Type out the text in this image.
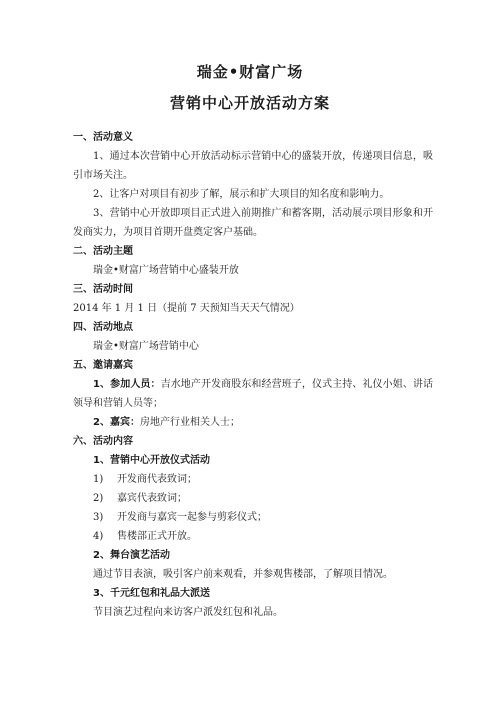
瑞金•财富广场
营销中心开放活动方案
一、活动意义
1、通过本次营销中心开放活动标示营销中心的盛装开放，传递项目信息，吸引市场关注。
2、让客户对项目有初步了解，展示和扩大项目的知名度和影响力。
3、营销中心开放即项目正式进入前期推广和蓄客期，活动展示项目形象和开发商实力，为项目首期开盘奠定客户基础。
二、活动主题
瑞金•财富广场营销中心盛装开放
三、活动时间
2014 年 1 月 1 日（提前 7 天预知当天天气情况）
四、活动地点
瑞金•财富广场营销中心
五、邀请嘉宾
1、参加人员：吉水地产开发商股东和经营班子，仪式主持、礼仪小姐、讲话领导和营销人员等；
2、嘉宾：房地产行业相关人士；
六、活动内容
1、营销中心开放仪式活动
1) 开发商代表致词；
2) 嘉宾代表致词；
3) 开发商与嘉宾一起参与剪彩仪式；
4) 售楼部正式开放。
2、舞台演艺活动
通过节目表演，吸引客户前来观看，并参观售楼部，了解项目情况。
3、千元红包和礼品大派送
节目演艺过程向来访客户派发红包和礼品。
